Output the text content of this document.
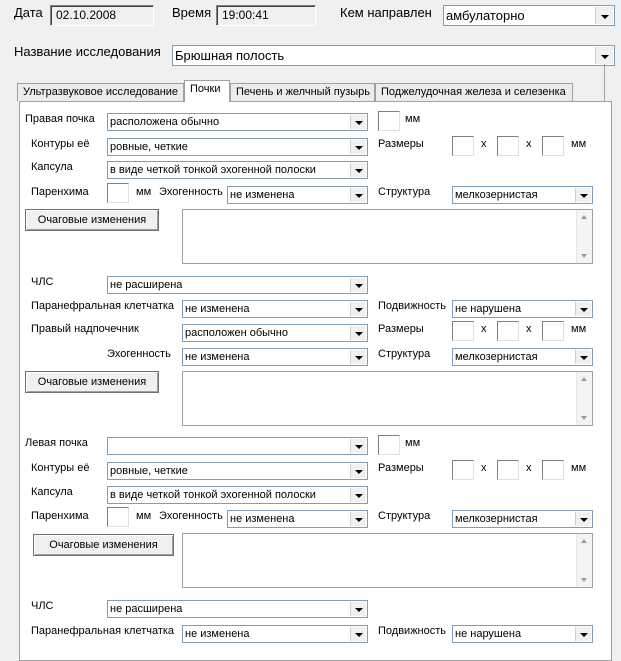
Дата	02.10.2008	Время 19:00:41	Кем направлен амбулаторно
Название исследования Брюшная полость
Ультразвуковое исследование	Почки	Печень и желчный пузырь Поджелудочная железа и селезенка
Правая почка расположена обычно	мм
Контуры её ровные, четкие	Размеры	x	x	мм
Капсула	в виде четкой тонкой эхогенной полоски
Паренхима	мм Эхогенность не изменена	Структура мелкозернистая
Очаговые изменения
ЧЛС	не расширена
Паранефральная клетчатка не изменена	Подвижность не нарушена
Правый надпочечник	расположен обычно	Размеры	x	x	мм
Эхогенность не изменена	Структура мелкозернистая
Очаговые изменения
Левая почка	мм
Контуры её ровные, четкие	Размеры	x	x	мм
Капсула	в виде четкой тонкой эхогенной полоски
Паренхима	мм Эхогенность не изменена	Структура мелкозернистая
Очаговые изменения
ЧЛС	не расширена
Паранефральная клетчатка не изменена	Подвижность не нарушена
